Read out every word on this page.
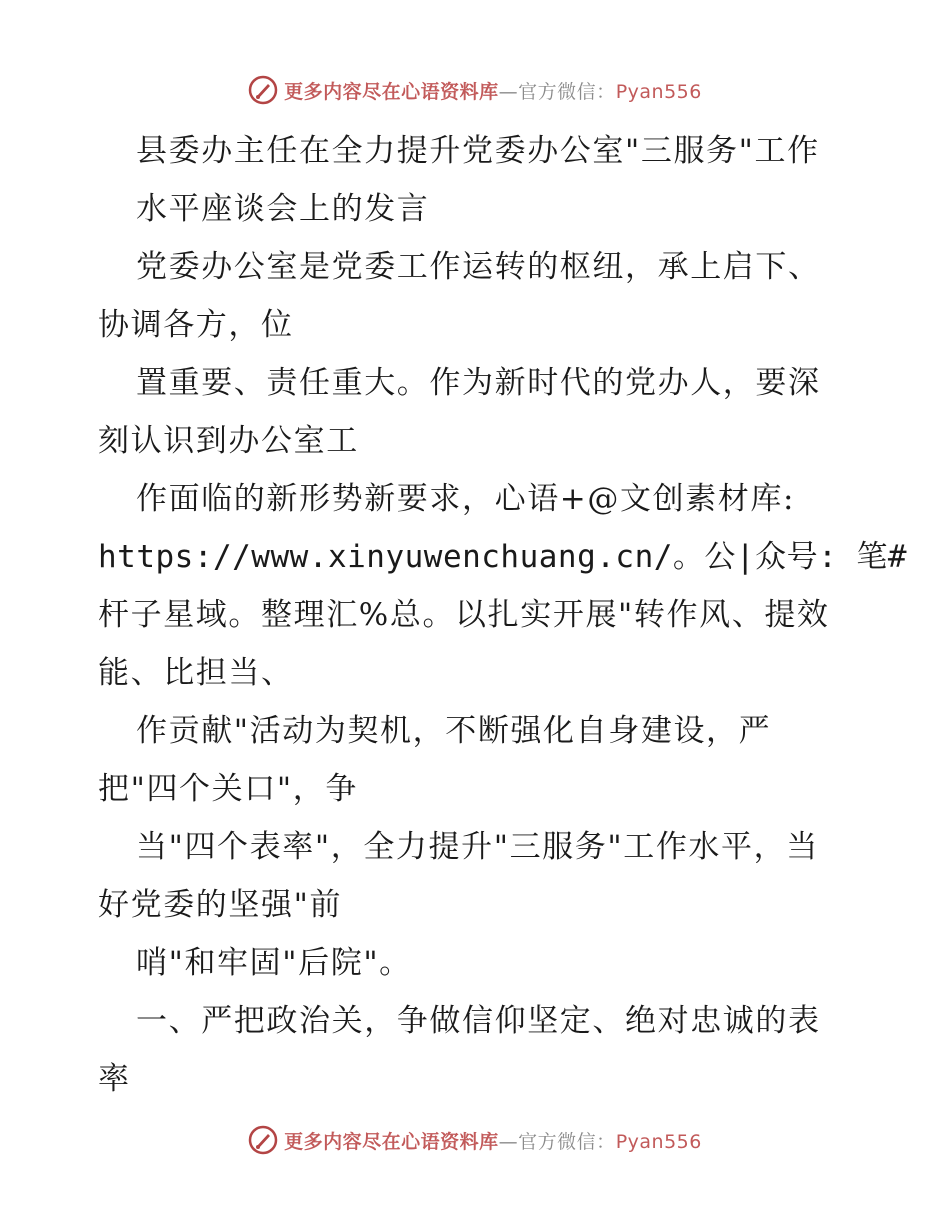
更多内容尽在心语资料库—官方微信：Pyan556
县委办主任在全力提升党委办公室"三服务"工作
水平座谈会上的发言
党委办公室是党委工作运转的枢纽，承上启下、
协调各方，位
置重要、责任重大。作为新时代的党办人，要深
刻认识到办公室工
作面临的新形势新要求，心语+@文创素材库:
https://www.xinyuwenchuang.cn/。公|众号: 笔#
杆子星域。整理汇%总。以扎实开展"转作风、提效
能、比担当、
作贡献"活动为契机，不断强化自身建设，严
把"四个关口"，争
当"四个表率"，全力提升"三服务"工作水平，当
好党委的坚强"前
哨"和牢固"后院"。
一、严把政治关，争做信仰坚定、绝对忠诚的表
率
更多内容尽在心语资料库—官方微信：Pyan556
